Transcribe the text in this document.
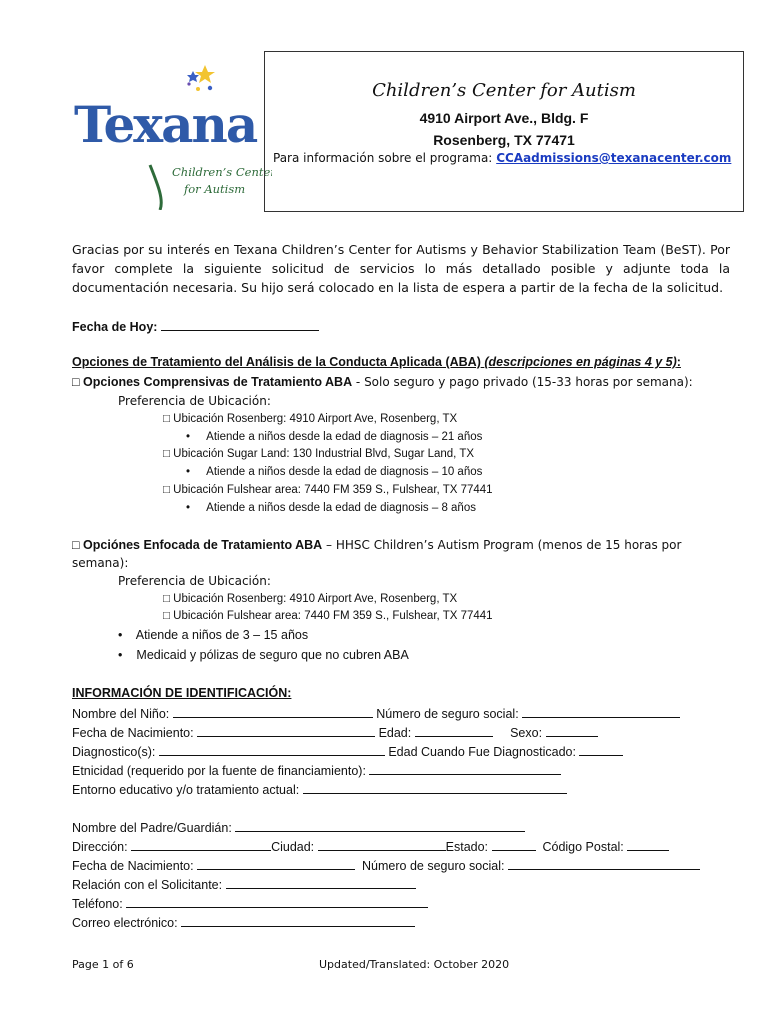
Texana
Children’s Center
for Autism
Children’s Center for Autism
4910 Airport Ave., Bldg. F
Rosenberg, TX 77471
Para información sobre el programa: CCAadmissions@texanacenter.com
Gracias por su interés en Texana Children’s Center for Autisms y Behavior Stabilization Team (BeST). Por favor complete la siguiente solicitud de servicios lo más detallado posible y adjunte toda la documentación necesaria. Su hijo será colocado en la lista de espera a partir de la fecha de la solicitud.
Fecha de Hoy:
Opciones de Tratamiento del Análisis de la Conducta Aplicada (ABA) (descripciones en páginas 4 y 5):
□ Opciones Comprensivas de Tratamiento ABA - Solo seguro y pago privado (15-33 horas por semana):
Preferencia de Ubicación:
□ Ubicación Rosenberg: 4910 Airport Ave, Rosenberg, TX
• Atiende a niños desde la edad de diagnosis – 21 años
□ Ubicación Sugar Land: 130 Industrial Blvd, Sugar Land, TX
• Atiende a niños desde la edad de diagnosis – 10 años
□ Ubicación Fulshear area: 7440 FM 359 S., Fulshear, TX 77441
• Atiende a niños desde la edad de diagnosis – 8 años
□ Opciónes Enfocada de Tratamiento ABA – HHSC Children’s Autism Program (menos de 15 horas por
semana):
Preferencia de Ubicación:
□ Ubicación Rosenberg: 4910 Airport Ave, Rosenberg, TX
□ Ubicación Fulshear area: 7440 FM 359 S., Fulshear, TX 77441
• Atiende a niños de 3 – 15 años
• Medicaid y pólizas de seguro que no cubren ABA
INFORMACIÓN DE IDENTIFICACIÓN:
Nombre del Niño:	Número de seguro social:
Fecha de Nacimiento:	Edad:	Sexo:
Diagnostico(s):	Edad Cuando Fue Diagnosticado:
Etnicidad (requerido por la fuente de financiamiento):
Entorno educativo y/o tratamiento actual:
Nombre del Padre/Guardián:
Dirección:	Ciudad:	Estado:	Código Postal:
Fecha de Nacimiento:	Número de seguro social:
Relación con el Solicitante:
Teléfono:
Correo electrónico:
Page 1 of 6	Updated/Translated: October 2020
